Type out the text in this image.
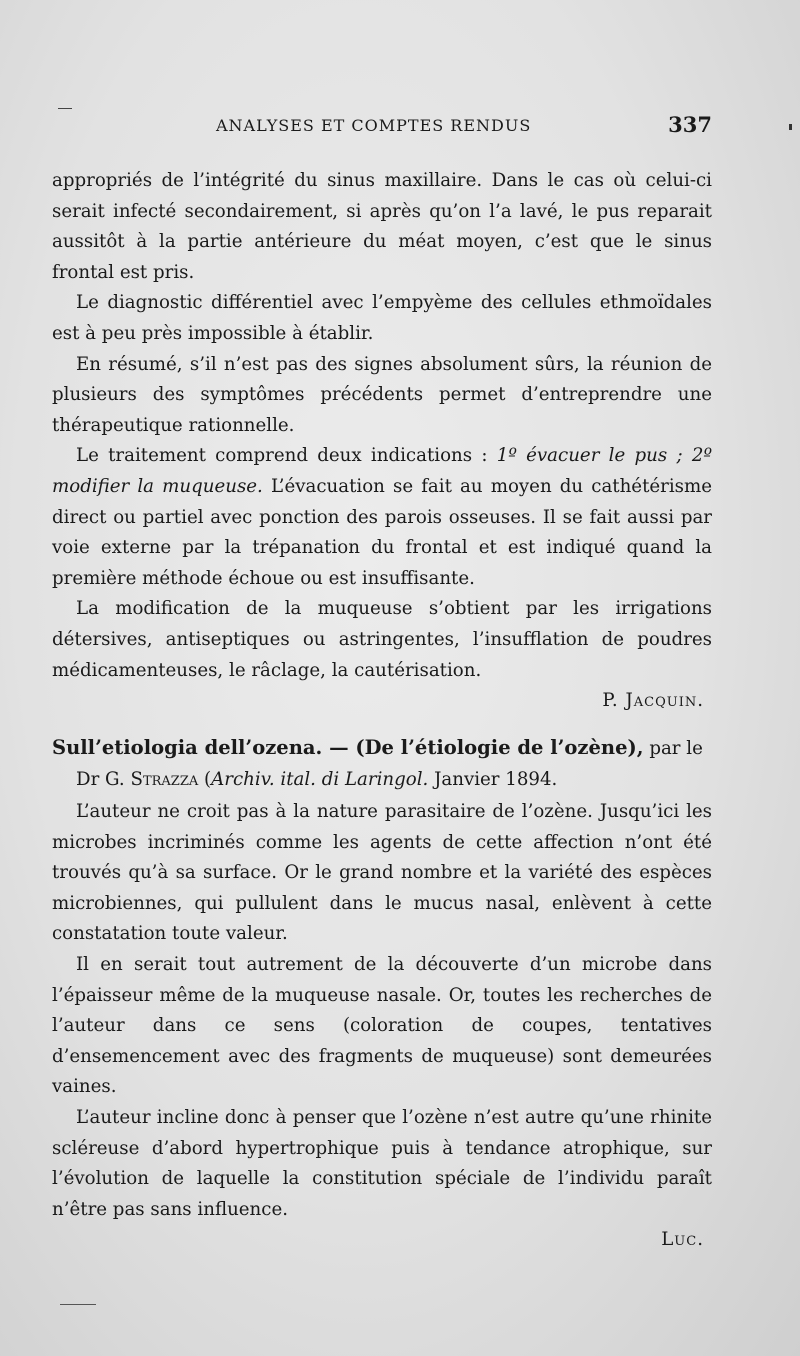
ANALYSES ET COMPTES RENDUS	337

appropriés de l’intégrité du sinus maxillaire. Dans le cas où celui-ci serait infecté secondairement, si après qu’on l’a lavé, le pus reparait aussitôt à la partie antérieure du méat moyen, c’est que le sinus frontal est pris.

Le diagnostic différentiel avec l’empyème des cellules ethmoïdales est à peu près impossible à établir.

En résumé, s’il n’est pas des signes absolument sûrs, la réunion de plusieurs des symptômes précédents permet d’entreprendre une thérapeutique rationnelle.

Le traitement comprend deux indications : 1º évacuer le pus ; 2º modifier la muqueuse. L’évacuation se fait au moyen du cathétérisme direct ou partiel avec ponction des parois osseuses. Il se fait aussi par voie externe par la trépanation du frontal et est indiqué quand la première méthode échoue ou est insuffisante.

La modification de la muqueuse s’obtient par les irrigations détersives, antiseptiques ou astringentes, l’insufflation de poudres médicamenteuses, le râclage, la cautérisation.

P. Jacquin.

Sull’etiologia dell’ozena. — (De l’étiologie de l’ozène), par le Dr G. Strazza (Archiv. ital. di Laringol. Janvier 1894.

L’auteur ne croit pas à la nature parasitaire de l’ozène. Jusqu’ici les microbes incriminés comme les agents de cette affection n’ont été trouvés qu’à sa surface. Or le grand nombre et la variété des espèces microbiennes, qui pullulent dans le mucus nasal, enlèvent à cette constatation toute valeur.

Il en serait tout autrement de la découverte d’un microbe dans l’épaisseur même de la muqueuse nasale. Or, toutes les recherches de l’auteur dans ce sens (coloration de coupes, tentatives d’ensemencement avec des fragments de muqueuse) sont demeurées vaines.

L’auteur incline donc à penser que l’ozène n’est autre qu’une rhinite scléreuse d’abord hypertrophique puis à tendance atrophique, sur l’évolution de laquelle la constitution spéciale de l’individu paraît n’être pas sans influence.

Luc.
